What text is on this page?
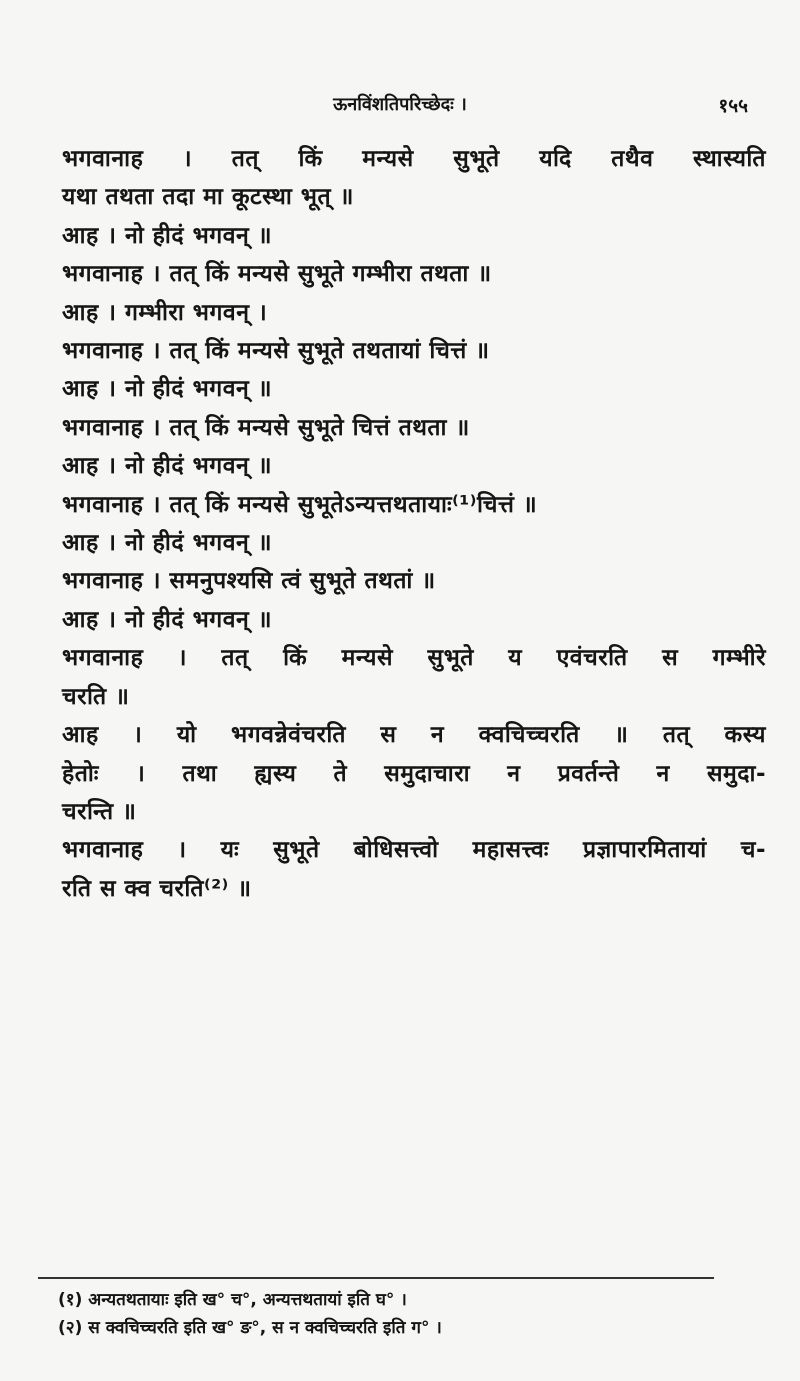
ऊनविंशतिपरिच्छेदः ।	१५५
भगवानाह । तत् किं मन्यसे सुभूते यदि तथैव स्थास्यति
यथा तथता तदा मा कूटस्था भूत् ॥
आह । नो हीदं भगवन् ॥
भगवानाह । तत् किं मन्यसे सुभूते गम्भीरा तथता ॥
आह । गम्भीरा भगवन् ।
भगवानाह । तत् किं मन्यसे सुभूते तथतायां चित्तं ॥
आह । नो हीदं भगवन् ॥
भगवानाह । तत् किं मन्यसे सुभूते चित्तं तथता ॥
आह । नो हीदं भगवन् ॥
भगवानाह । तत् किं मन्यसे सुभूतेऽन्यत्तथतायाः⁽¹⁾चित्तं ॥
आह । नो हीदं भगवन् ॥
भगवानाह । समनुपश्यसि त्वं सुभूते तथतां ॥
आह । नो हीदं भगवन् ॥
भगवानाह । तत् किं मन्यसे सुभूते य एवंचरति स गम्भीरे
चरति ॥
आह । यो भगवन्नेवंचरति स न क्वचिच्चरति ॥ तत् कस्य
हेतोः । तथा ह्यस्य ते समुदाचारा न प्रवर्तन्ते न समुदा-
चरन्ति ॥
भगवानाह । यः सुभूते बोधिसत्त्वो महासत्त्वः प्रज्ञापारमितायां च-
रति स क्व चरति⁽²⁾ ॥
(१) अन्यतथतायाः इति ख° च°, अन्यत्तथतायां इति घ° ।
(२) स क्वचिच्चरति इति ख° ङ°, स न क्वचिच्चरति इति ग° ।
